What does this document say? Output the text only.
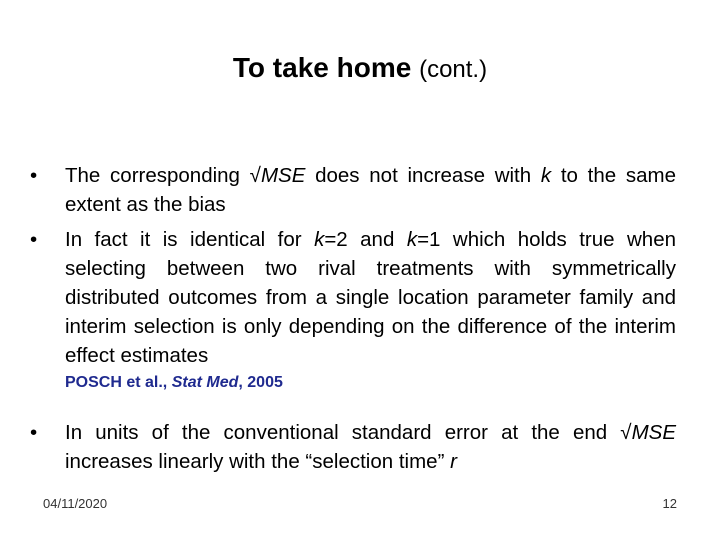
To take home (cont.)
•	The corresponding √MSE does not increase with k to the same extent as the bias
•	In fact it is identical for k=2 and k=1 which holds true when selecting between two rival treatments with symmetrically distributed outcomes from a single location parameter family and interim selection is only depending on the difference of the interim effect estimates
POSCH et al., Stat Med, 2005
•	In units of the conventional standard error at the end √MSE increases linearly with the “selection time” r
04/11/2020	12
